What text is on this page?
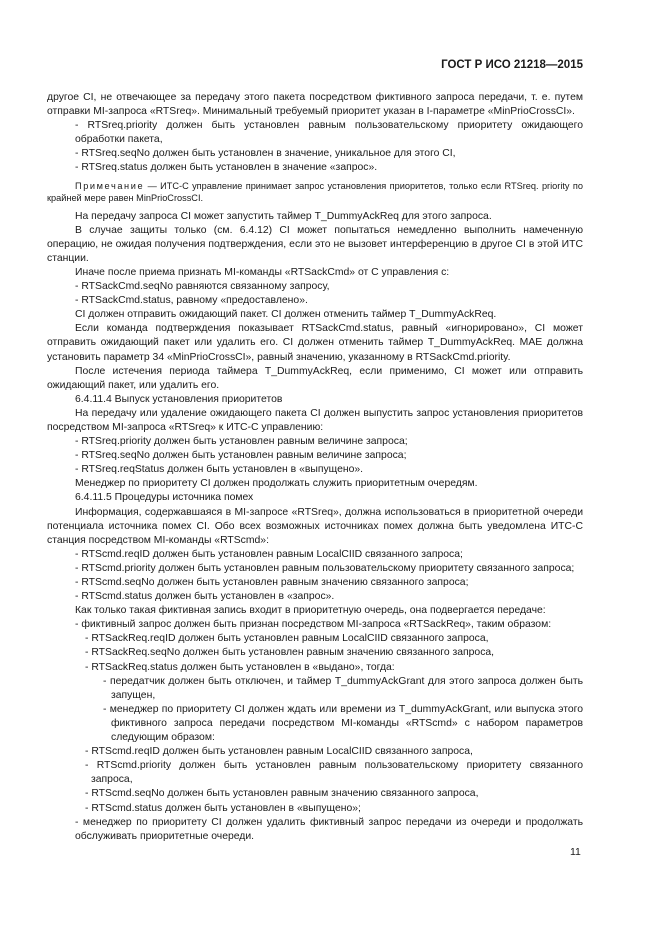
ГОСТ Р ИСО 21218—2015

другое CI, не отвечающее за передачу этого пакета посредством фиктивного запроса передачи, т. е. путем отправки MI-запроса «RTSreq». Минимальный требуемый приоритет указан в I-параметре «MinPrioCrossCI».

- RTSreq.priority должен быть установлен равным пользовательскому приоритету ожидающего обработки пакета,

- RTSreq.seqNo должен быть установлен в значение, уникальное для этого CI,

- RTSreq.status должен быть установлен в значение «запрос».

Примечание — ИТС-С управление принимает запрос установления приоритетов, только если RTSreq. priority по крайней мере равен MinPrioCrossCI.

На передачу запроса CI может запустить таймер T_DummyAckReq для этого запроса.

В случае защиты только (см. 6.4.12) CI может попытаться немедленно выполнить намеченную операцию, не ожидая получения подтверждения, если это не вызовет интерференцию в другое CI в этой ИТС станции.

Иначе после приема признать MI-команды «RTSackCmd» от С управления с:

- RTSackCmd.seqNo равняются связанному запросу,

- RTSackCmd.status, равному «предоставлено».

CI должен отправить ожидающий пакет. CI должен отменить таймер T_DummyAckReq.

Если команда подтверждения показывает RTSackCmd.status, равный «игнорировано», CI может отправить ожидающий пакет или удалить его. CI должен отменить таймер T_DummyAckReq. MAE должна установить параметр 34 «MinPrioCrossCI», равный значению, указанному в RTSackCmd.priority.

После истечения периода таймера T_DummyAckReq, если применимо, CI может или отправить ожидающий пакет, или удалить его.

6.4.11.4 Выпуск установления приоритетов

На передачу или удаление ожидающего пакета CI должен выпустить запрос установления приоритетов посредством MI-запроса «RTSreq» к ИТС-С управлению:

- RTSreq.priority должен быть установлен равным величине запроса;

- RTSreq.seqNo должен быть установлен равным величине запроса;

- RTSreq.reqStatus должен быть установлен в «выпущено».

Менеджер по приоритету CI должен продолжать служить приоритетным очередям.

6.4.11.5 Процедуры источника помех

Информация, содержавшаяся в MI-запросе «RTSreq», должна использоваться в приоритетной очереди потенциала источника помех CI. Обо всех возможных источниках помех должна быть уведомлена ИТС-С станция посредством MI-команды «RTScmd»:

- RTScmd.reqID должен быть установлен равным LocalCIID связанного запроса;

- RTScmd.priority должен быть установлен равным пользовательскому приоритету связанного запроса;

- RTScmd.seqNo должен быть установлен равным значению связанного запроса;

- RTScmd.status должен быть установлен в «запрос».

Как только такая фиктивная запись входит в приоритетную очередь, она подвергается передаче:

- фиктивный запрос должен быть признан посредством MI-запроса «RTSackReq», таким образом:

- RTSackReq.reqID должен быть установлен равным LocalCIID связанного запроса,

- RTSackReq.seqNo должен быть установлен равным значению связанного запроса,

- RTSackReq.status должен быть установлен в «выдано», тогда:

- передатчик должен быть отключен, и таймер T_dummyAckGrant для этого запроса должен быть запущен,

- менеджер по приоритету CI должен ждать или времени из T_dummyAckGrant, или выпуска этого фиктивного запроса передачи посредством MI-команды «RTScmd» с набором параметров следующим образом:

- RTScmd.reqID должен быть установлен равным LocalCIID связанного запроса,

- RTScmd.priority должен быть установлен равным пользовательскому приоритету связанного запроса,

- RTScmd.seqNo должен быть установлен равным значению связанного запроса,

- RTScmd.status должен быть установлен в «выпущено»;

- менеджер по приоритету CI должен удалить фиктивный запрос передачи из очереди и продолжать обслуживать приоритетные очереди.

11
